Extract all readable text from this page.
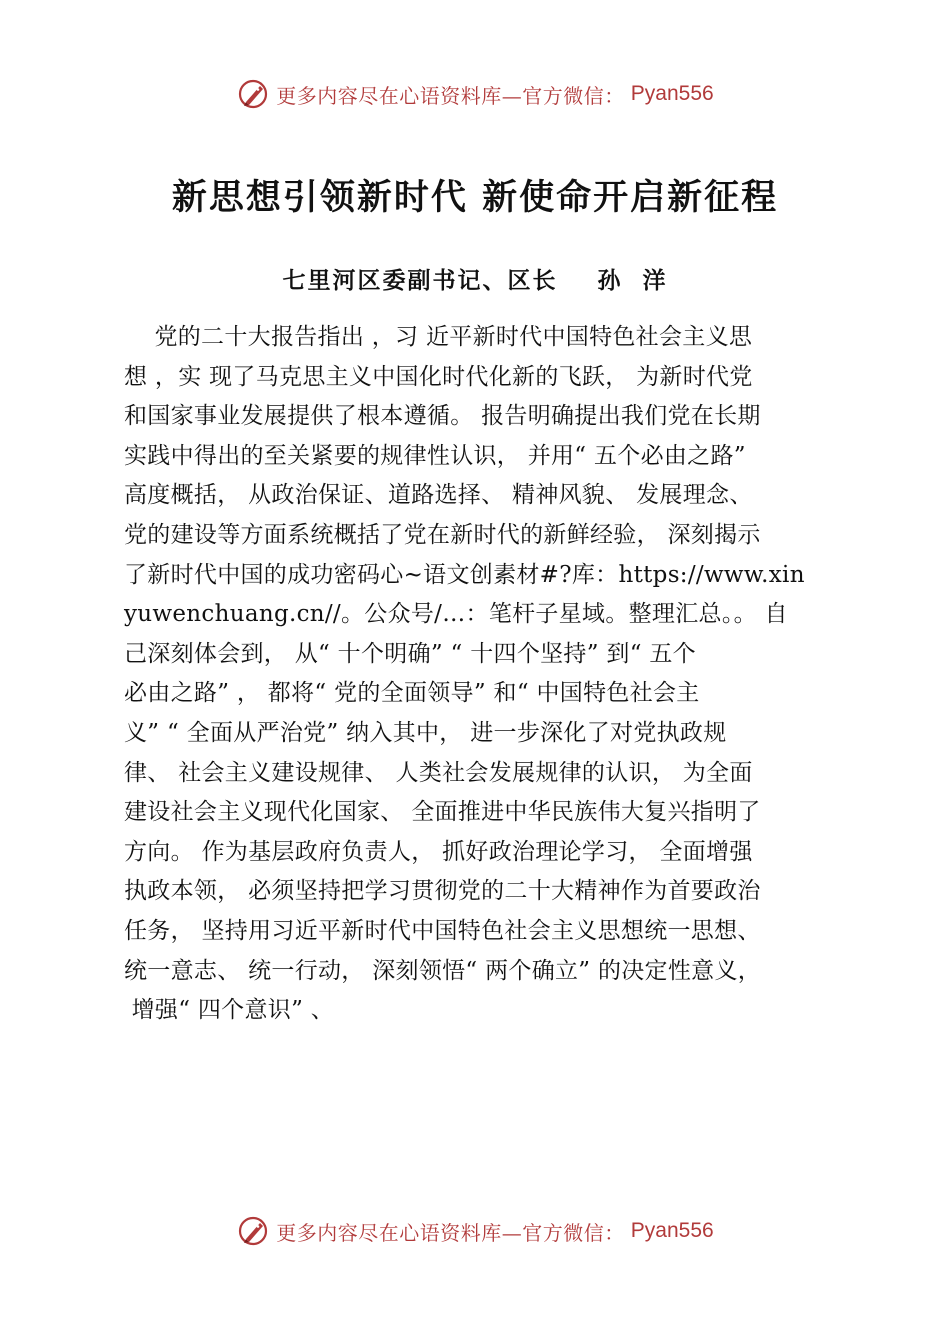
更多内容尽在心语资料库—官方微信： Pyan556
新思想引领新时代 新使命开启新征程

七里河区委副书记、区长    孙  洋

党的二十大报告指出 ，习 近平新时代中国特色社会主义思
想 ，实 现了马克思主义中国化时代化新的飞跃， 为新时代党
和国家事业发展提供了根本遵循。 报告明确提出我们党在长期
实践中得出的至关紧要的规律性认识， 并用“ 五个必由之路”
高度概括， 从政治保证、道路选择、 精神风貌、 发展理念、
党的建设等方面系统概括了党在新时代的新鲜经验， 深刻揭示
了新时代中国的成功密码心~语文创素材#?库：https://www.xin
yuwenchuang.cn//。公众号/…：笔杆子星域。整理汇总。。 自
己深刻体会到， 从“ 十个明确” “ 十四个坚持” 到“ 五个
必由之路” ， 都将“ 党的全面领导” 和“ 中国特色社会主
义” “ 全面从严治党” 纳入其中， 进一步深化了对党执政规
律、 社会主义建设规律、 人类社会发展规律的认识， 为全面
建设社会主义现代化国家、 全面推进中华民族伟大复兴指明了
方向。 作为基层政府负责人， 抓好政治理论学习， 全面增强
执政本领， 必须坚持把学习贯彻党的二十大精神作为首要政治
任务， 坚持用习近平新时代中国特色社会主义思想统一思想、
统一意志、 统一行动， 深刻领悟“ 两个确立” 的决定性意义，
增强“ 四个意识” 、
更多内容尽在心语资料库—官方微信： Pyan556
